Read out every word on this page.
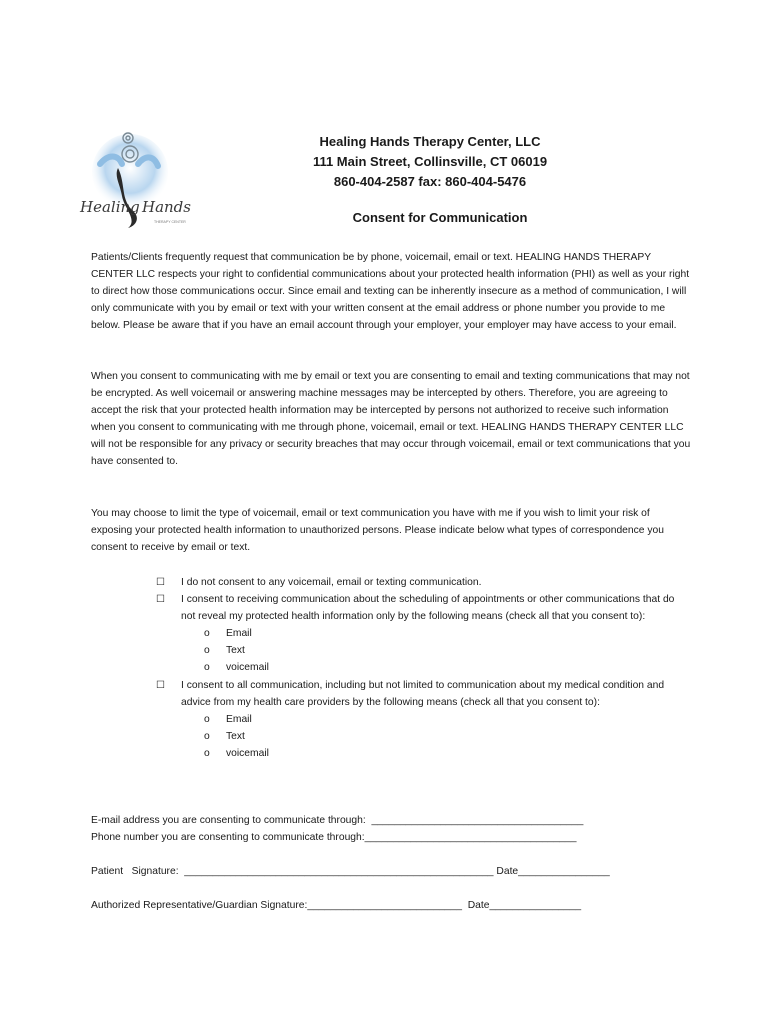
Healing Hands
THERAPY CENTER
Healing Hands Therapy Center, LLC
111 Main Street, Collinsville, CT 06019
860-404-2587 fax: 860-404-5476
Consent for Communication

Patients/Clients frequently request that communication be by phone, voicemail, email or text. HEALING HANDS THERAPY CENTER LLC respects your right to confidential communications about your protected health information (PHI) as well as your right to direct how those communications occur. Since email and texting can be inherently insecure as a method of communication, I will only communicate with you by email or text with your written consent at the email address or phone number you provide to me below. Please be aware that if you have an email account through your employer, your employer may have access to your email.

When you consent to communicating with me by email or text you are consenting to email and texting communications that may not be encrypted. As well voicemail or answering machine messages may be intercepted by others. Therefore, you are agreeing to accept the risk that your protected health information may be intercepted by persons not authorized to receive such information when you consent to communicating with me through phone, voicemail, email or text. HEALING HANDS THERAPY CENTER LLC will not be responsible for any privacy or security breaches that may occur through voicemail, email or text communications that you have consented to.

You may choose to limit the type of voicemail, email or text communication you have with me if you wish to limit your risk of exposing your protected health information to unauthorized persons. Please indicate below what types of correspondence you consent to receive by email or text.

☐ I do not consent to any voicemail, email or texting communication.
☐ I consent to receiving communication about the scheduling of appointments or other communications that do not reveal my protected health information only by the following means (check all that you consent to):
o Email
o Text
o voicemail
☐ I consent to all communication, including but not limited to communication about my medical condition and advice from my health care providers by the following means (check all that you consent to):
o Email
o Text
o voicemail
E-mail address you are consenting to communicate through:  _____________________________________
Phone number you are consenting to communicate through:_____________________________________
Patient   Signature:  ______________________________________________________ Date________________
Authorized Representative/Guardian Signature:___________________________  Date________________
